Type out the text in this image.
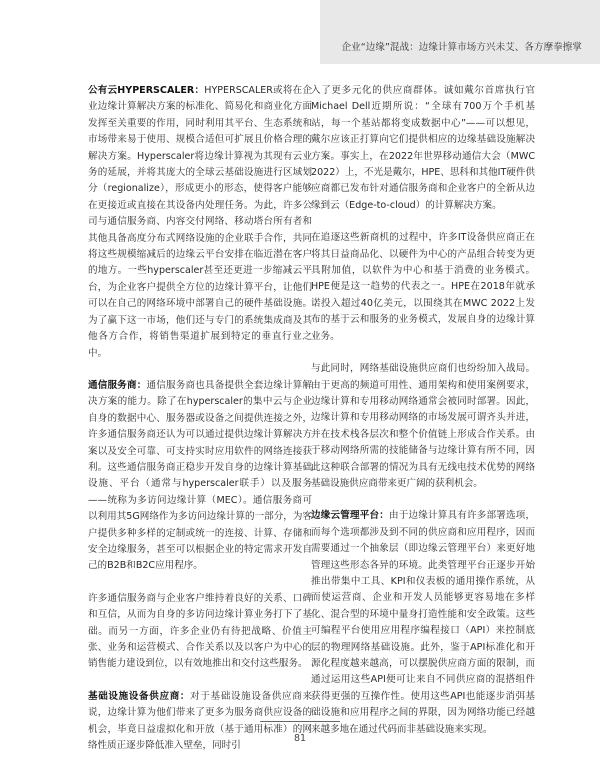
企业“边缘”混战：边缘计算市场方兴未艾、各方摩拳擦掌

公有云HYPERSCALER：HYPERSCALER或将在企业边缘计算解决方案的标准化、简易化和商业化方面发挥至关重要的作用，同时利用其平台、生态系统和市场带来易于使用、规模合适但可扩展且价格合理的解决方案。Hyperscaler将边缘计算视为其现有云业务的延展，并将其庞大的全球云基础设施进行区域划分（regionalize），形成更小的形态，使得客户能够在更接近或直接在其设备内处理任务。为此，许多公司与通信服务商、内容交付网络、移动塔台所有者和其他具备高度分布式网络设施的企业联手合作，共同将这些规模缩减后的边缘云平台安排在临近潜在客户的地方。一些hyperscaler甚至还更进一步缩减云平台，为企业客户提供全方位的边缘计算平台，让他们可以在自己的网络环境中部署自己的硬件基础设施。为了赢下这一市场，他们还与专门的系统集成商及其他各方合作，将销售渠道扩展到特定的垂直行业之中。

通信服务商：通信服务商也具备提供全套边缘计算解决方案的能力。除了在hyperscaler的集中云与企业自身的数据中心、服务器或设备之间提供连接之外，许多通信服务商还认为可以通过提供边缘计算解决方案以及安全可靠、可支持实时应用软件的网络连接获利。这些通信服务商正稳步开发自身的边缘计算基础设施、平台（通常与hyperscaler联手）以及服务——统称为多访问边缘计算（MEC）。通信服务商可以利用其5G网络作为多访问边缘计算的一部分，为客户提供多种多样的定制或统一的连接、计算、存储和安全边缘服务，甚至可以根据企业的特定需求开发自己的B2B和B2C应用程序。

许多通信服务商与企业客户维持着良好的关系、口碑和互信，从而为自身的多访问边缘计算业务打下了基础。而另一方面，许多企业仍有待把战略、价值主张、业务和运营模式、合作关系以及以客户为中心的销售能力建设到位，以有效地推出和交付这些服务。

基础设施设备供应商：对于基础设施设备供应商来说，边缘计算为他们带来了更多为服务商供应设备的机会，毕竟日益虚拟化和开放（基于通用标准）的网络性质正逐步降低准入壁垒，同时引

入了更多元化的供应商群体。诚如戴尔首席执行官Michael Dell近期所说：“全球有700万个手机基站，每一个基站都将变成数据中心”——可以想见，戴尔应该正打算向它们提供相应的边缘基础设施解决方案。事实上，在2022年世界移动通信大会（MWC 2022）上，不光是戴尔，HPE、思科和其他IT硬件供应商都已发布针对通信服务商和企业客户的全新从边缘到云（Edge-to-cloud）的计算解决方案。

在追逐这些新商机的过程中，许多IT设备供应商正在将其日益商品化、以硬件为中心的产品组合转变为更具附加值，以软件为中心和基于消费的业务模式。HPE便是这一趋势的代表之一。HPE在2018年就承诺投入超过40亿美元，以围绕其在MWC 2022上发布的基于云和服务的业务模式，发展自身的边缘计算业务。

与此同时，网络基础设施供应商们也纷纷加入战局。由于更高的频道可用性、通用架构和使用案例要求，边缘计算和专用移动网络通常会被同时部署。因此，边缘计算和专用移动网络的市场发展可谓齐头并进，并在技术栈各层次和整个价值链上形成合作关系。由于移动网络所需的技能储备与边缘计算有所不同，因此这种联合部署的情况为具有无线电技术优势的网络基础设施供应商带来更广阔的获利机会。

边缘云管理平台：由于边缘计算具有许多部署选项，而每个选项都涉及到不同的供应商和应用程序，因而需要通过一个抽象层（即边缘云管理平台）来更好地管理这些形态各异的环境。此类管理平台正逐步开始推出带集中工具、KPI和仪表板的通用操作系统，从而使运营商、企业和开发人员能够更容易地在多样化、混合型的环境中量身打造性能和安全政策。这些可编程平台使用应用程序编程接口（API）来控制底层的物理网络基础设施。此外，鉴于API标准化和开源化程度越来越高，可以摆脱供应商方面的限制，而通过运用这些API便可让来自不同供应商的混搭组件获得更强的互操作性。使用这些API也能逐步消弭基础设施和应用程序之间的界限，因为网络功能已经越来越多地在通过代码而非基础设施来实现。

81
